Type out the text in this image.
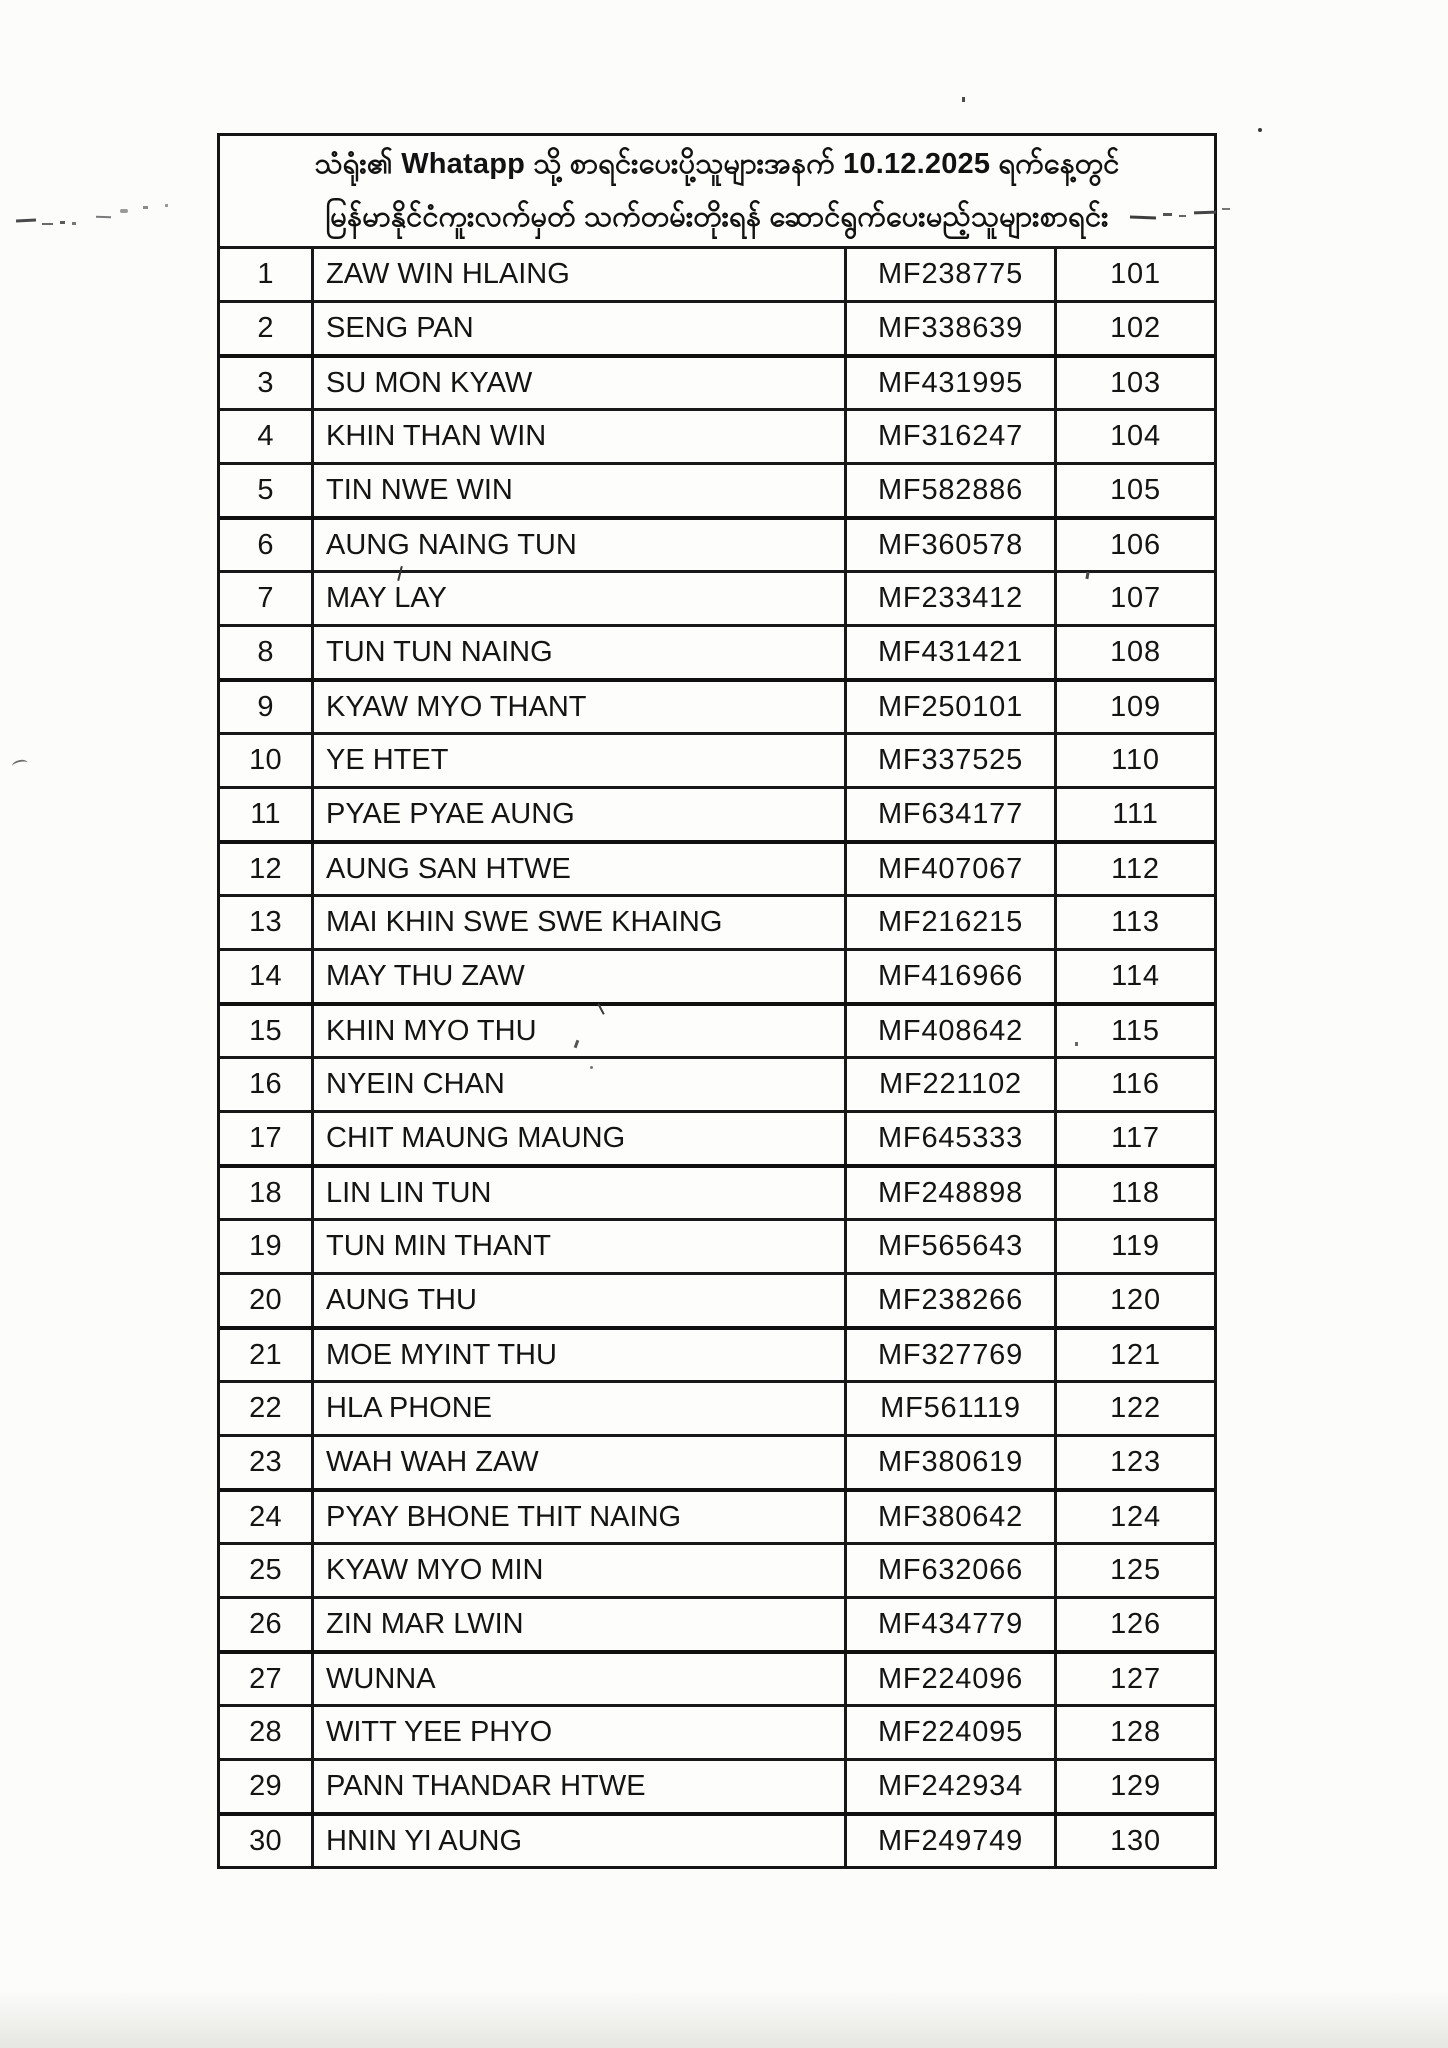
သံရုံး၏ Whatapp သို့ စာရင်းပေးပို့သူများအနက် 10.12.2025 ရက်နေ့တွင်
မြန်မာနိုင်ငံကူးလက်မှတ် သက်တမ်းတိုးရန် ဆောင်ရွက်ပေးမည့်သူများစာရင်း
1	ZAW WIN HLAING	MF238775	101
2	SENG PAN	MF338639	102
3	SU MON KYAW	MF431995	103
4	KHIN THAN WIN	MF316247	104
5	TIN NWE WIN	MF582886	105
6	AUNG NAING TUN	MF360578	106
7	MAY LAY	MF233412	107
8	TUN TUN NAING	MF431421	108
9	KYAW MYO THANT	MF250101	109
10	YE HTET	MF337525	110
11	PYAE PYAE AUNG	MF634177	111
12	AUNG SAN HTWE	MF407067	112
13	MAI KHIN SWE SWE KHAING	MF216215	113
14	MAY THU ZAW	MF416966	114
15	KHIN MYO THU	MF408642	115
16	NYEIN CHAN	MF221102	116
17	CHIT MAUNG MAUNG	MF645333	117
18	LIN LIN TUN	MF248898	118
19	TUN MIN THANT	MF565643	119
20	AUNG THU	MF238266	120
21	MOE MYINT THU	MF327769	121
22	HLA PHONE	MF561119	122
23	WAH WAH ZAW	MF380619	123
24	PYAY BHONE THIT NAING	MF380642	124
25	KYAW MYO MIN	MF632066	125
26	ZIN MAR LWIN	MF434779	126
27	WUNNA	MF224096	127
28	WITT YEE PHYO	MF224095	128
29	PANN THANDAR HTWE	MF242934	129
30	HNIN YI AUNG	MF249749	130
